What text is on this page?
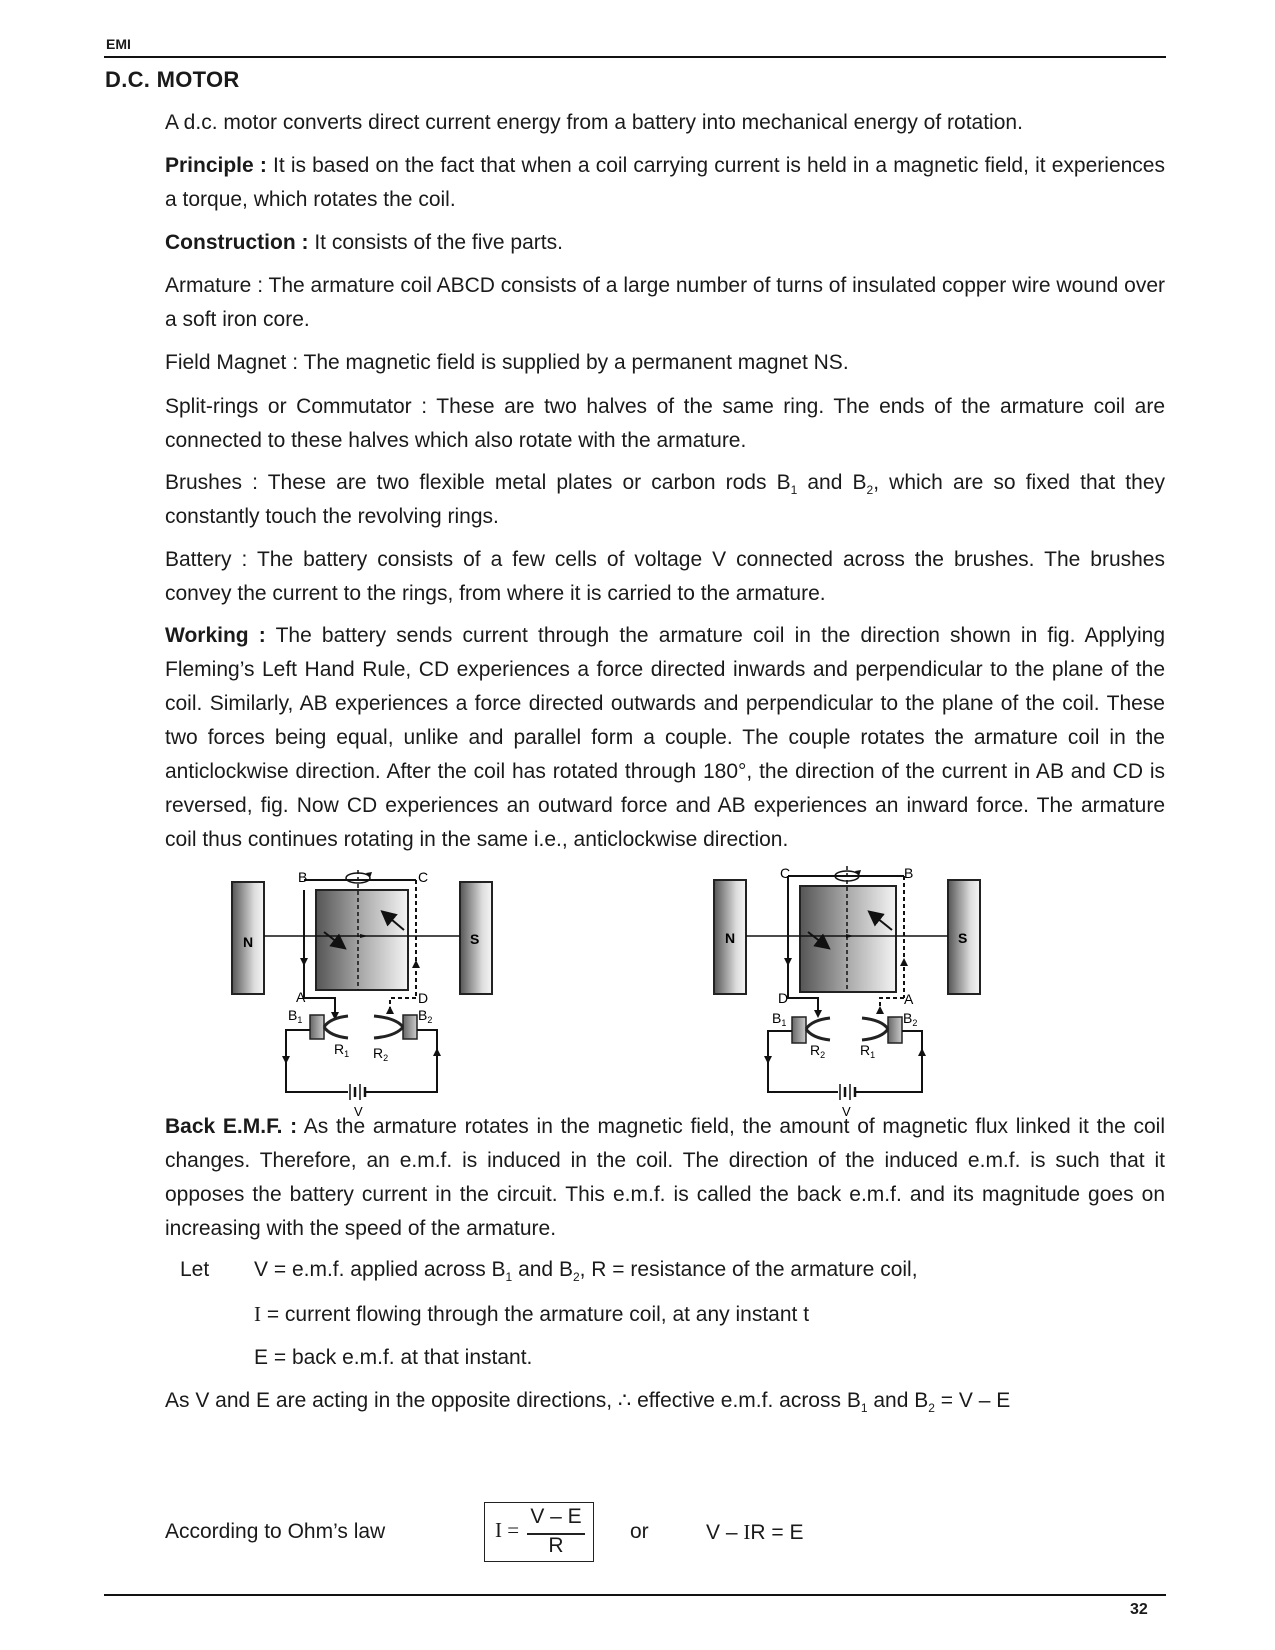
EMI
D.C. MOTOR

A d.c. motor converts direct current energy from a battery into mechanical energy of rotation.

Principle : It is based on the fact that when a coil carrying current is held in a magnetic field, it experiences a torque, which rotates the coil.

Construction : It consists of the five parts.

Armature : The armature coil ABCD consists of a large number of turns of insulated copper wire wound over a soft iron core.

Field Magnet : The magnetic field is supplied by a permanent magnet NS.

Split-rings or Commutator : These are two halves of the same ring. The ends of the armature coil are connected to these halves which also rotate with the armature.

Brushes : These are two flexible metal plates or carbon rods $B_1$ and $B_2$, which are so fixed that they constantly touch the revolving rings.

Battery : The battery consists of a few cells of voltage V connected across the brushes. The brushes convey the current to the rings, from where it is carried to the armature.

Working : The battery sends current through the armature coil in the direction shown in fig. Applying Fleming’s Left Hand Rule, CD experiences a force directed inwards and perpendicular to the plane of the coil. Similarly, AB experiences a force directed outwards and perpendicular to the plane of the coil. These two forces being equal, unlike and parallel form a couple. The couple rotates the armature coil in the anticlockwise direction. After the coil has rotated through 180°, the direction of the current in AB and CD is reversed, fig. Now CD experiences an outward force and AB experiences an inward force. The armature coil thus continues rotating in the same i.e., anticlockwise direction.

N	S
B	C
A	D
$B_1$	$B_2$
$R_1$ $R_2$
V
N	S
C	B
D	A
$B_1$	$B_2$
$R_2$ $R_1$
V

Back E.M.F. : As the armature rotates in the magnetic field, the amount of magnetic flux linked it the coil changes. Therefore, an e.m.f. is induced in the coil. The direction of the induced e.m.f. is such that it opposes the battery current in the circuit. This e.m.f. is called the back e.m.f. and its magnitude goes on increasing with the speed of the armature.

Let V = e.m.f. applied across $B_1$ and $B_2$, R = resistance of the armature coil,
I = current flowing through the armature coil, at any instant t
E = back e.m.f. at that instant.
As V and E are acting in the opposite directions, ∴ effective e.m.f. across $B_1$ and $B_2 = V - E$
According to Ohm’s law	I =
V – E
R
or	V – IR = E
32
